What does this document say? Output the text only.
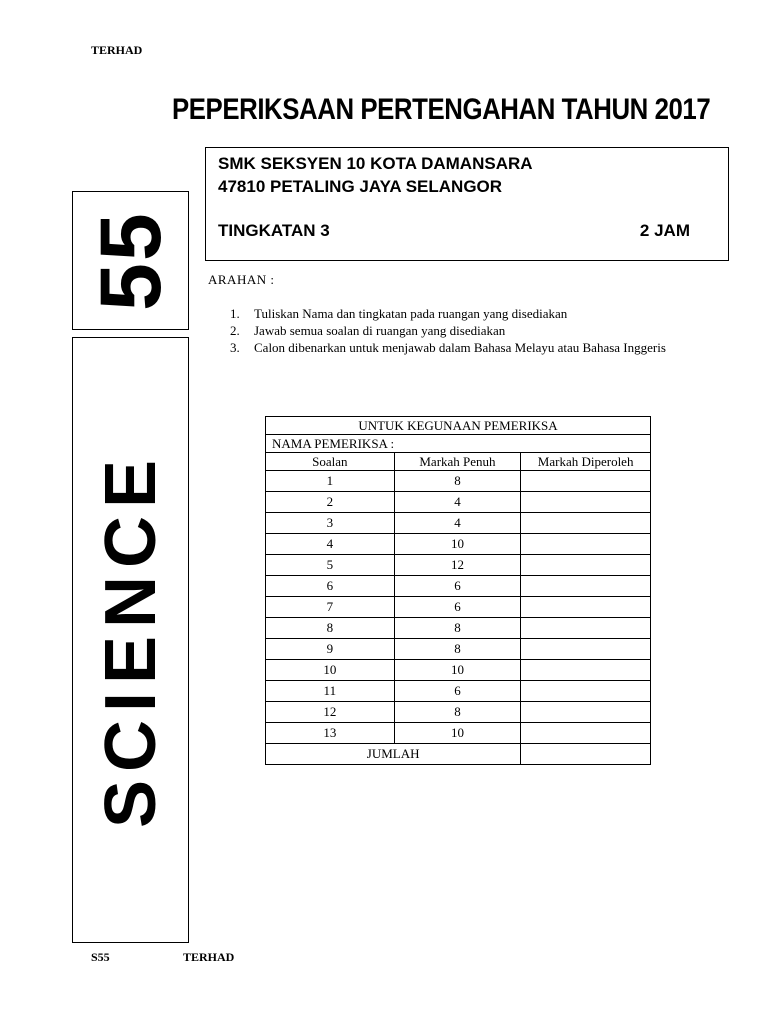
TERHAD
PEPERIKSAAN PERTENGAHAN TAHUN 2017
SMK SEKSYEN 10 KOTA DAMANSARA
47810 PETALING JAYA SELANGOR
TINGKATAN 3	2 JAM
55
SCIENCE
ARAHAN :
1. Tuliskan Nama dan tingkatan pada ruangan yang disediakan
2. Jawab semua soalan di ruangan yang disediakan
3. Calon dibenarkan untuk menjawab dalam Bahasa Melayu atau Bahasa Inggeris
UNTUK KEGUNAAN PEMERIKSA		
NAMA PEMERIKSA :		
Soalan	Markah Penuh	Markah Diperoleh
1	8	
2	4	
3	4	
4	10	
5	12	
6	6	
7	6	
8	8	
9	8	
10	10	
11	6	
12	8	
13	10	
JUMLAH		
S55	TERHAD
